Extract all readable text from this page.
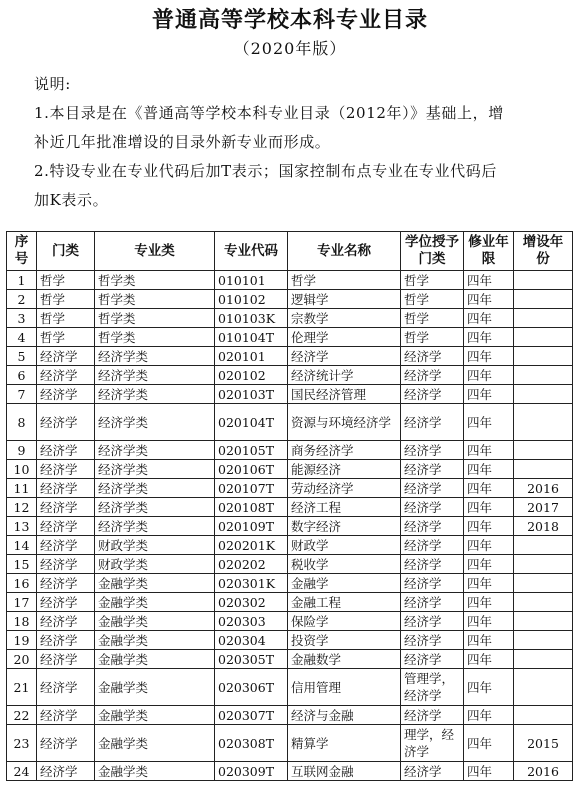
普通高等学校本科专业目录
（2020年版）

说明:

1.本目录是在《普通高等学校本科专业目录（2012年）》基础上，增

补近几年批准增设的目录外新专业而形成。

2.特设专业在专业代码后加T表示；国家控制布点专业在专业代码后

加K表示。

序号	门类	专业类	专业代码	专业名称	学位授予门类	修业年限	增设年份
1	哲学	哲学类	010101	哲学	哲学	四年	
2	哲学	哲学类	010102	逻辑学	哲学	四年	
3	哲学	哲学类	010103K	宗教学	哲学	四年	
4	哲学	哲学类	010104T	伦理学	哲学	四年	
5	经济学	经济学类	020101	经济学	经济学	四年	
6	经济学	经济学类	020102	经济统计学	经济学	四年	
7	经济学	经济学类	020103T	国民经济管理	经济学	四年	
8	经济学	经济学类	020104T	资源与环境经济学	经济学	四年	
9	经济学	经济学类	020105T	商务经济学	经济学	四年	
10	经济学	经济学类	020106T	能源经济	经济学	四年	
11	经济学	经济学类	020107T	劳动经济学	经济学	四年	2016
12	经济学	经济学类	020108T	经济工程	经济学	四年	2017
13	经济学	经济学类	020109T	数字经济	经济学	四年	2018
14	经济学	财政学类	020201K	财政学	经济学	四年	
15	经济学	财政学类	020202	税收学	经济学	四年	
16	经济学	金融学类	020301K	金融学	经济学	四年	
17	经济学	金融学类	020302	金融工程	经济学	四年	
18	经济学	金融学类	020303	保险学	经济学	四年	
19	经济学	金融学类	020304	投资学	经济学	四年	
20	经济学	金融学类	020305T	金融数学	经济学	四年	
21	经济学	金融学类	020306T	信用管理	管理学，经济学	四年	
22	经济学	金融学类	020307T	经济与金融	经济学	四年	
23	经济学	金融学类	020308T	精算学	理学，经济学	四年	2015
24	经济学	金融学类	020309T	互联网金融	经济学	四年	2016
